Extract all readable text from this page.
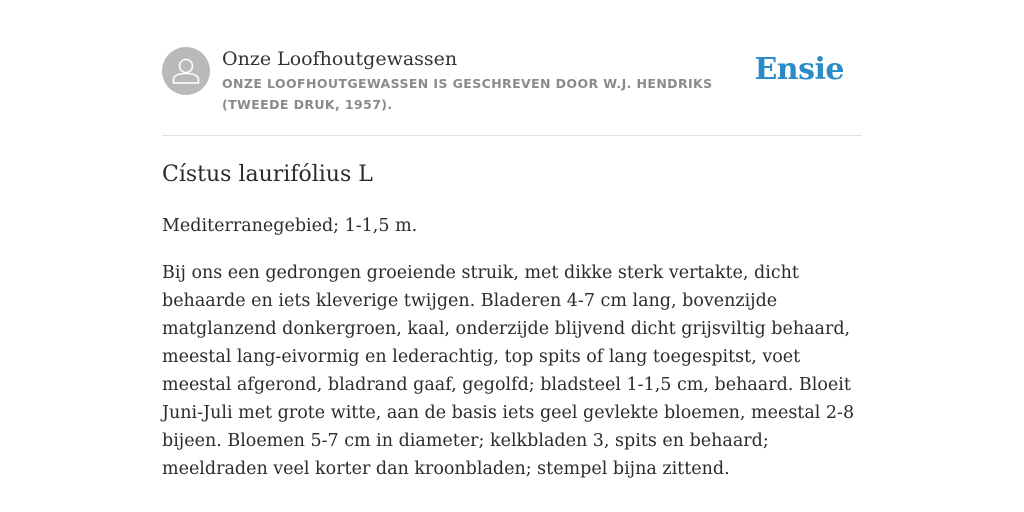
Onze Loofhoutgewassen
ONZE LOOFHOUTGEWASSEN IS GESCHREVEN DOOR W.J. HENDRIKS (TWEEDE DRUK, 1957).
Ensie
Cístus laurifólius L

Mediterranegebied; 1-1,5 m.

Bij ons een gedrongen groeiende struik, met dikke sterk vertakte, dicht behaarde en iets kleverige twijgen. Bladeren 4-7 cm lang, bovenzijde matglanzend donkergroen, kaal, onderzijde blijvend dicht grijsviltig behaard, meestal lang-eivormig en lederachtig, top spits of lang toegespitst, voet meestal afgerond, bladrand gaaf, gegolfd; bladsteel 1-1,5 cm, behaard. Bloeit Juni-Juli met grote witte, aan de basis iets geel gevlekte bloemen, meestal 2-8 bijeen. Bloemen 5-7 cm in diameter; kelkbladen 3, spits en behaard; meeldraden veel korter dan kroonbladen; stempel bijna zittend.
